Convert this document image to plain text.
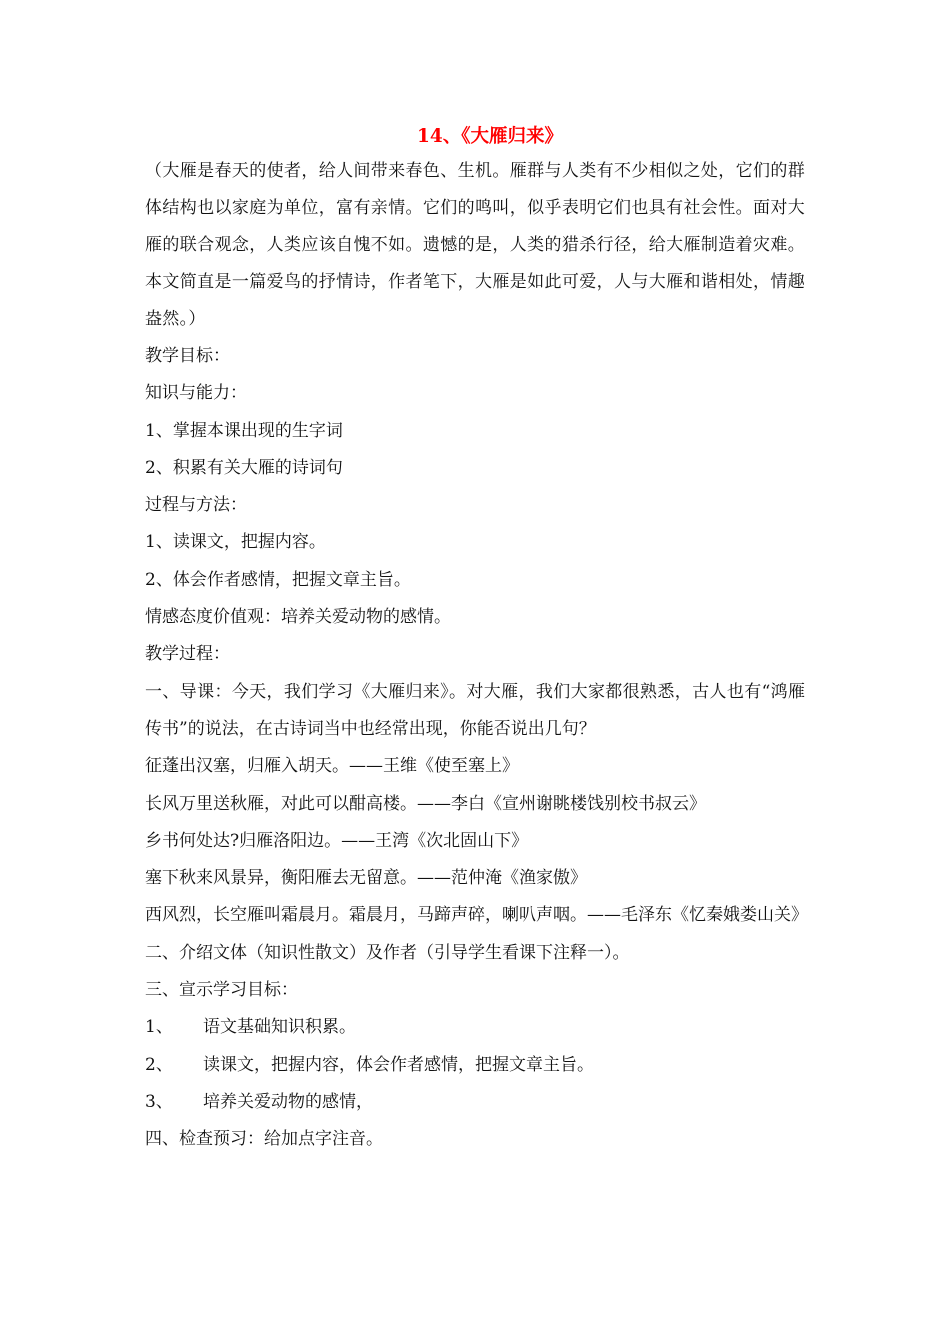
14、《大雁归来》

（大雁是春天的使者，给人间带来春色、生机。雁群与人类有不少相似之处，它们的群体结构也以家庭为单位，富有亲情。它们的鸣叫，似乎表明它们也具有社会性。面对大雁的联合观念，人类应该自愧不如。遗憾的是，人类的猎杀行径，给大雁制造着灾难。本文简直是一篇爱鸟的抒情诗，作者笔下，大雁是如此可爱，人与大雁和谐相处，情趣盎然。）

教学目标：

知识与能力：

1、掌握本课出现的生字词

2、积累有关大雁的诗词句

过程与方法：

1、读课文，把握内容。

2、体会作者感情，把握文章主旨。

情感态度价值观：培养关爱动物的感情。

教学过程：

一、导课：今天，我们学习《大雁归来》。对大雁，我们大家都很熟悉，古人也有“鸿雁传书”的说法，在古诗词当中也经常出现，你能否说出几句？

征蓬出汉塞，归雁入胡天。——王维《使至塞上》

长风万里送秋雁，对此可以酣高楼。——李白《宣州谢眺楼饯别校书叔云》

乡书何处达?归雁洛阳边。——王湾《次北固山下》

塞下秋来风景异，衡阳雁去无留意。——范仲淹《渔家傲》

西风烈，长空雁叫霜晨月。霜晨月，马蹄声碎，喇叭声咽。——毛泽东《忆秦娥娄山关》

二、介绍文体（知识性散文）及作者（引导学生看课下注释一）。

三、宣示学习目标：

1、 语文基础知识积累。

2、 读课文，把握内容，体会作者感情，把握文章主旨。

3、 培养关爱动物的感情，

四、检查预习：给加点字注音。
